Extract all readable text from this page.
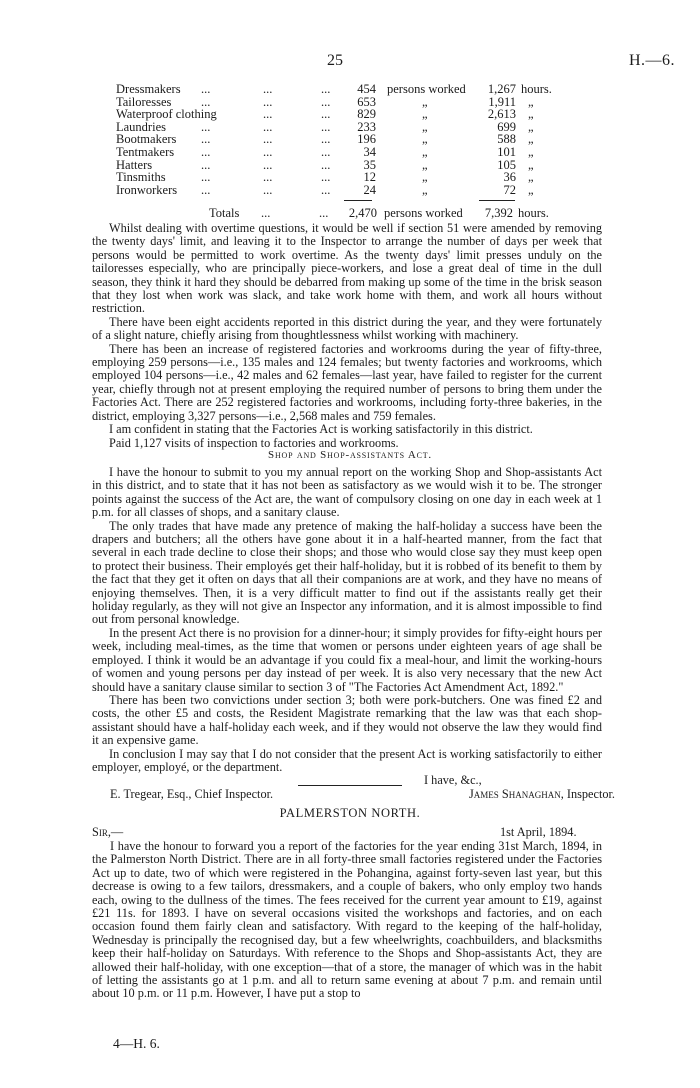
25	H.—6.
Dressmakers ...	...	...	454 persons worked	1,267 hours.
Tailoresses ...	...	...	653	„	1,911 „
Waterproof clothing	...	...	829	„	2,613 „
Laundries	...	...	...	233	„	699 „
Bootmakers ...	...	...	196	„	588 „
Tentmakers ...	...	...	34	„	101 „
Hatters	...	...	...	35	„	105 „
Tinsmiths	...	...	...	12	„	36 „
Ironworkers ...	...	...	24	„	72 „
Totals ...	...	2,470 persons worked	7,392 hours.

Whilst dealing with overtime questions, it would be well if section 51 were amended by removing the twenty days' limit, and leaving it to the Inspector to arrange the number of days per week that persons would be permitted to work overtime. As the twenty days' limit presses unduly on the tailoresses especially, who are principally piece-workers, and lose a great deal of time in the dull season, they think it hard they should be debarred from making up some of the time in the brisk season that they lost when work was slack, and take work home with them, and work all hours without restriction.

There have been eight accidents reported in this district during the year, and they were fortunately of a slight nature, chiefly arising from thoughtlessness whilst working with machinery.

There has been an increase of registered factories and workrooms during the year of fifty-three, employing 259 persons—i.e., 135 males and 124 females; but twenty factories and workrooms, which employed 104 persons—i.e., 42 males and 62 females—last year, have failed to register for the current year, chiefly through not at present employing the required number of persons to bring them under the Factories Act. There are 252 registered factories and workrooms, including forty-three bakeries, in the district, employing 3,327 persons—i.e., 2,568 males and 759 females.

I am confident in stating that the Factories Act is working satisfactorily in this district.

Paid 1,127 visits of inspection to factories and workrooms.

Shop and Shop-assistants Act.

I have the honour to submit to you my annual report on the working Shop and Shop-assistants Act in this district, and to state that it has not been as satisfactory as we would wish it to be. The stronger points against the success of the Act are, the want of compulsory closing on one day in each week at 1 p.m. for all classes of shops, and a sanitary clause.

The only trades that have made any pretence of making the half-holiday a success have been the drapers and butchers; all the others have gone about it in a half-hearted manner, from the fact that several in each trade decline to close their shops; and those who would close say they must keep open to protect their business. Their employés get their half-holiday, but it is robbed of its benefit to them by the fact that they get it often on days that all their companions are at work, and they have no means of enjoying themselves. Then, it is a very difficult matter to find out if the assistants really get their holiday regularly, as they will not give an Inspector any information, and it is almost impossible to find out from personal knowledge.

In the present Act there is no provision for a dinner-hour; it simply provides for fifty-eight hours per week, including meal-times, as the time that women or persons under eighteen years of age shall be employed. I think it would be an advantage if you could fix a meal-hour, and limit the working-hours of women and young persons per day instead of per week. It is also very necessary that the new Act should have a sanitary clause similar to section 3 of "The Factories Act Amendment Act, 1892."

There has been two convictions under section 3; both were pork-butchers. One was fined £2 and costs, the other £5 and costs, the Resident Magistrate remarking that the law was that each shop-assistant should have a half-holiday each week, and if they would not observe the law they would find it an expensive game.

In conclusion I may say that I do not consider that the present Act is working satisfactorily to either employer, employé, or the department.

I have, &c.,
E. Tregear, Esq., Chief Inspector.	James Shanaghan, Inspector.
PALMERSTON NORTH.
Sir,—	1st April, 1894.

I have the honour to forward you a report of the factories for the year ending 31st March, 1894, in the Palmerston North District. There are in all forty-three small factories registered under the Factories Act up to date, two of which were registered in the Pohangina, against forty-seven last year, but this decrease is owing to a few tailors, dressmakers, and a couple of bakers, who only employ two hands each, owing to the dullness of the times. The fees received for the current year amount to £19, against £21 11s. for 1893. I have on several occasions visited the workshops and factories, and on each occasion found them fairly clean and satisfactory. With regard to the keeping of the half-holiday, Wednesday is principally the recognised day, but a few wheelwrights, coachbuilders, and blacksmiths keep their half-holiday on Saturdays. With reference to the Shops and Shop-assistants Act, they are allowed their half-holiday, with one exception—that of a store, the manager of which was in the habit of letting the assistants go at 1 p.m. and all to return same evening at about 7 p.m. and remain until about 10 p.m. or 11 p.m. However, I have put a stop to

4—H. 6.
